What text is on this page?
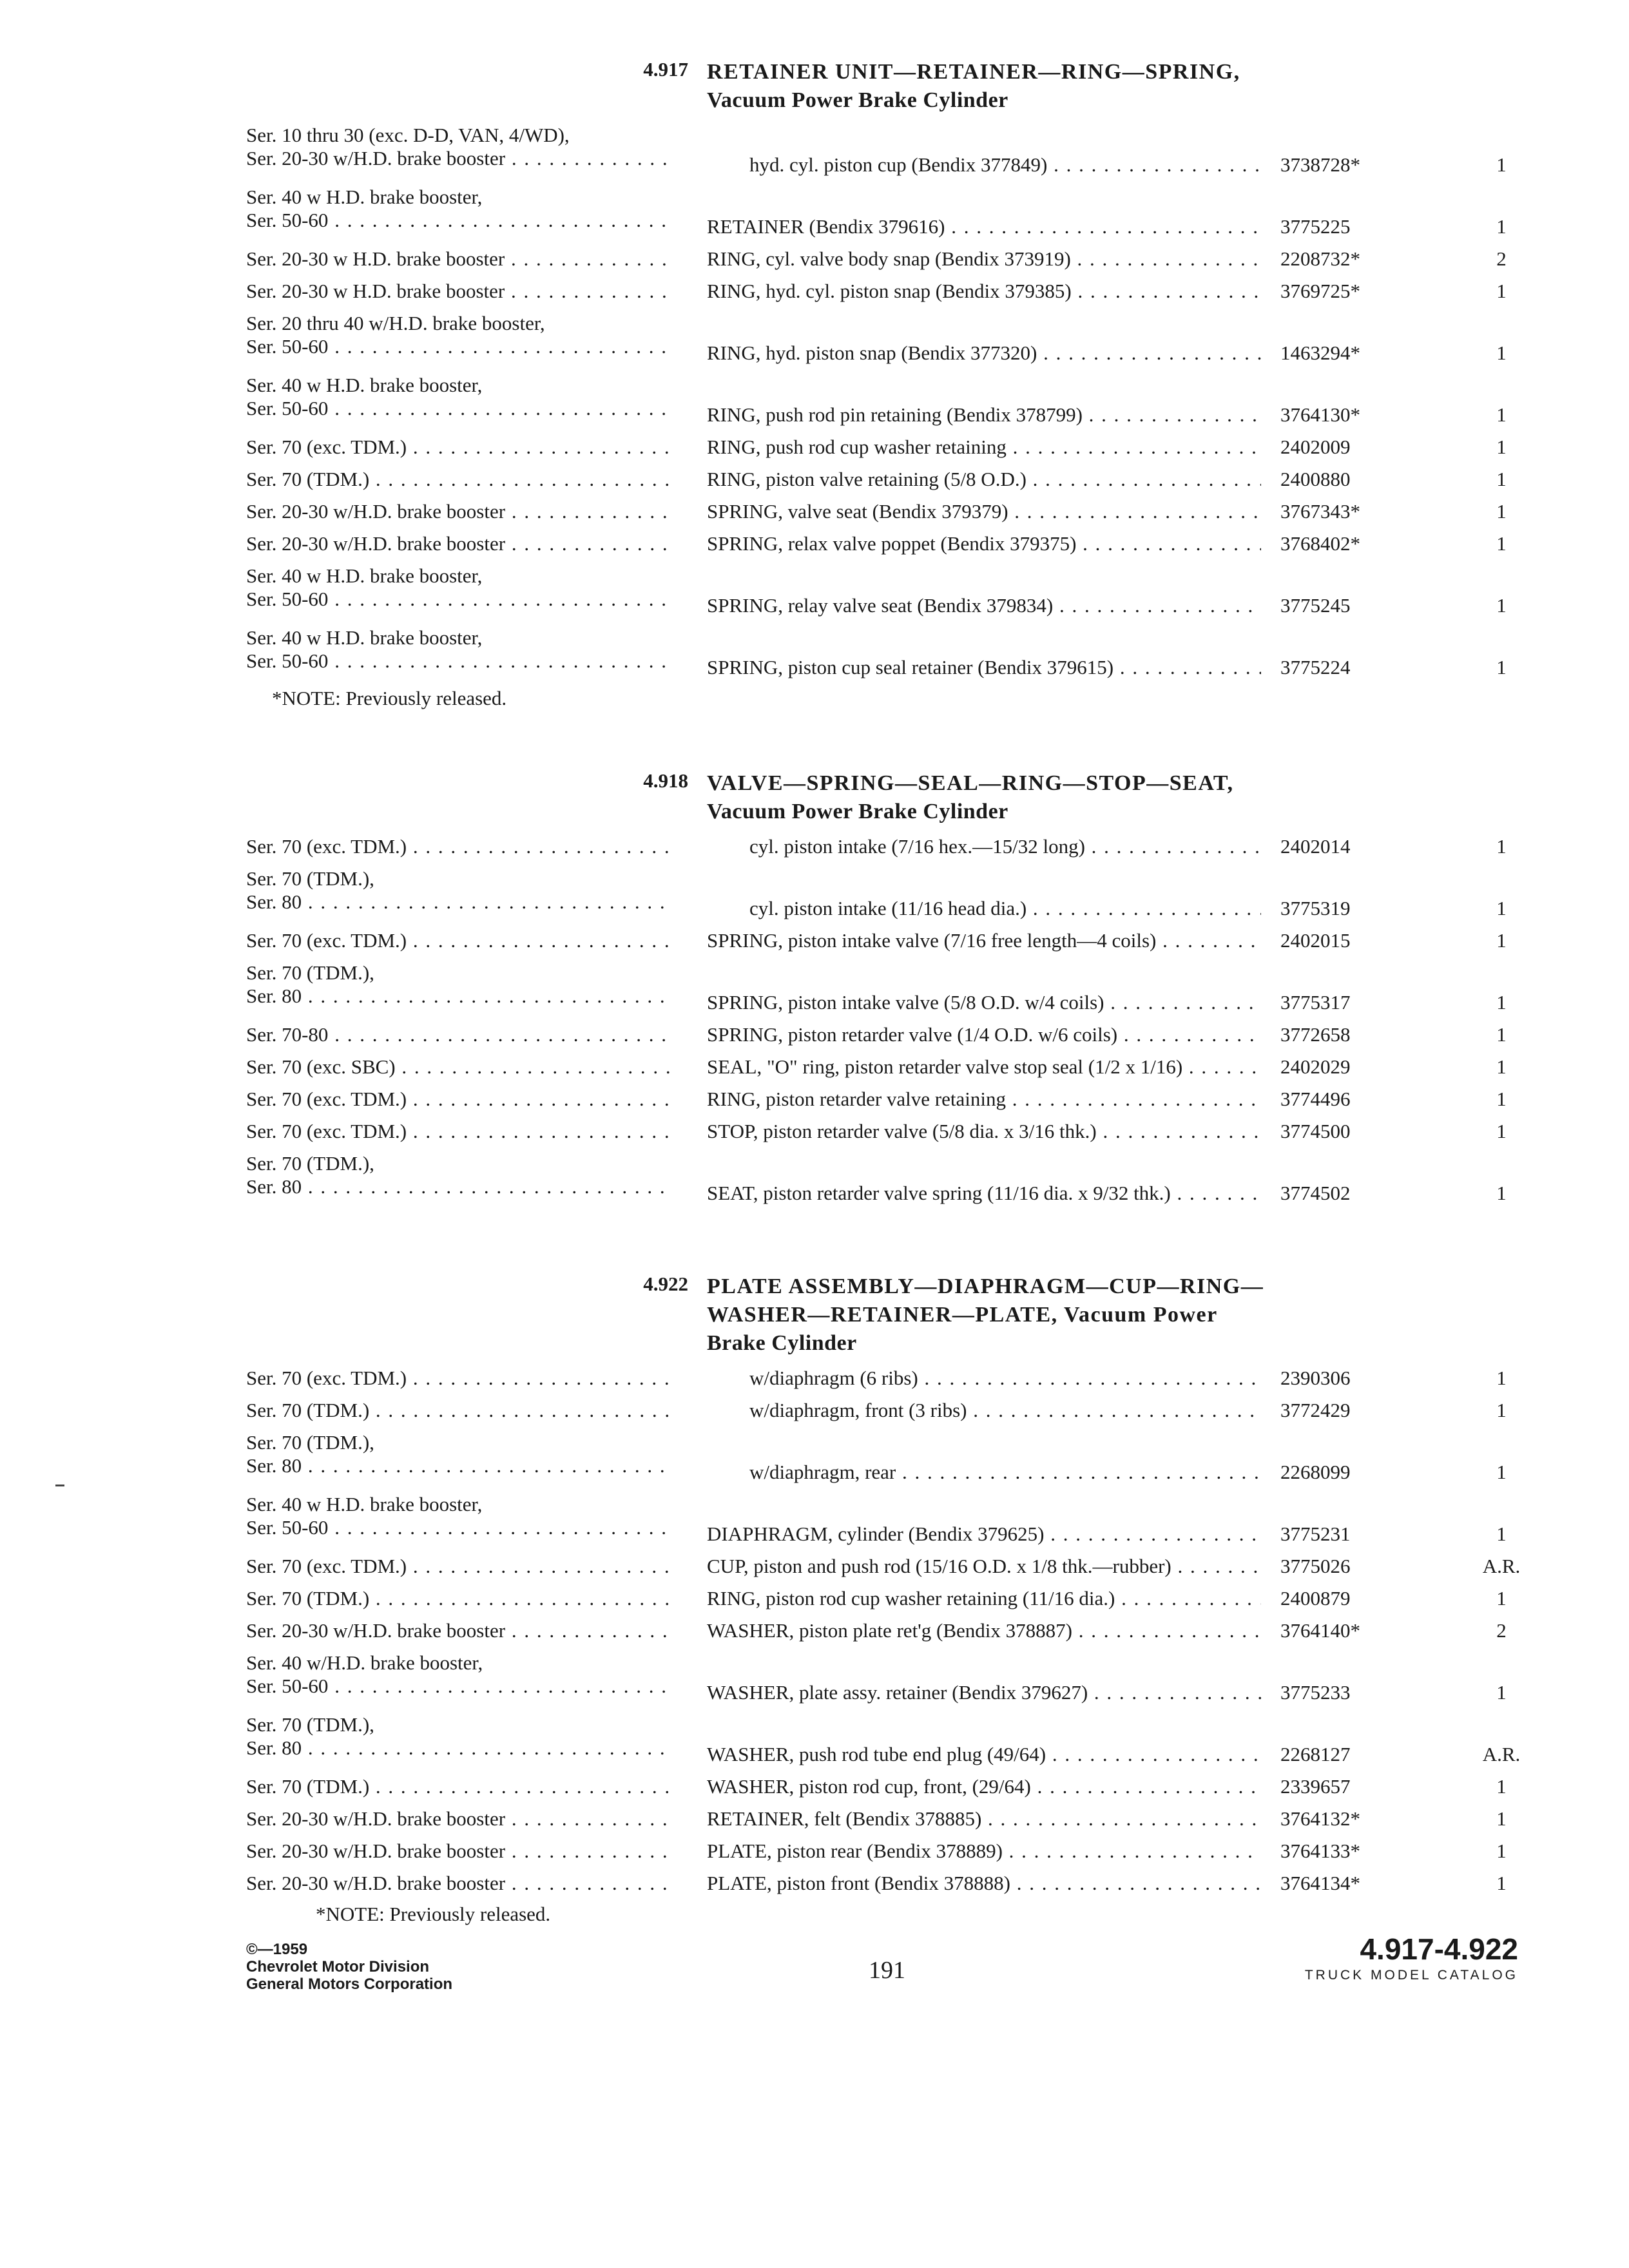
4.917 RETAINER UNIT—RETAINER—RING—SPRING,
Vacuum Power Brake Cylinder
Ser. 10 thru 30 (exc. D-D, VAN, 4/WD),
Ser. 20-30 w/H.D. brake booster . . .	hyd. cyl. piston cup (Bendix 377849) . . .	3738728*	1
Ser. 40 w H.D. brake booster,
Ser. 50-60 . . .	RETAINER (Bendix 379616) . . .	3775225	1
Ser. 20-30 w H.D. brake booster . . .	RING, cyl. valve body snap (Bendix 373919) . . .	2208732*	2
Ser. 20-30 w H.D. brake booster . . .	RING, hyd. cyl. piston snap (Bendix 379385) . . .	3769725*	1
Ser. 20 thru 40 w/H.D. brake booster,
Ser. 50-60 . . .	RING, hyd. piston snap (Bendix 377320) . . .	1463294*	1
Ser. 40 w H.D. brake booster,
Ser. 50-60 . . .	RING, push rod pin retaining (Bendix 378799) . . .	3764130*	1
Ser. 70 (exc. TDM.) . . .	RING, push rod cup washer retaining . . .	2402009	1
Ser. 70 (TDM.) . . .	RING, piston valve retaining (5/8 O.D.) . . .	2400880	1
Ser. 20-30 w/H.D. brake booster . . .	SPRING, valve seat (Bendix 379379) . . .	3767343*	1
Ser. 20-30 w/H.D. brake booster . . .	SPRING, relax valve poppet (Bendix 379375) . . .	3768402*	1
Ser. 40 w H.D. brake booster,
Ser. 50-60 . . .	SPRING, relay valve seat (Bendix 379834) . . .	3775245	1
Ser. 40 w H.D. brake booster,
Ser. 50-60 . . .	SPRING, piston cup seal retainer (Bendix 379615) . . .	3775224	1
*NOTE: Previously released.
4.918 VALVE—SPRING—SEAL—RING—STOP—SEAT,
Vacuum Power Brake Cylinder
Ser. 70 (exc. TDM.) . . .	cyl. piston intake (7/16 hex.—15/32 long) . . .	2402014	1
Ser. 70 (TDM.),
Ser. 80 . . .	cyl. piston intake (11/16 head dia.) . . .	3775319	1
Ser. 70 (exc. TDM.) . . .	SPRING, piston intake valve (7/16 free length—4 coils) . . .	2402015	1
Ser. 70 (TDM.),
Ser. 80 . . .	SPRING, piston intake valve (5/8 O.D. w/4 coils) . . .	3775317	1
Ser. 70-80 . . .	SPRING, piston retarder valve (1/4 O.D. w/6 coils) . . .	3772658	1
Ser. 70 (exc. SBC) . . .	SEAL, "O" ring, piston retarder valve stop seal (1/2 x 1/16) . . .	2402029	1
Ser. 70 (exc. TDM.) . . .	RING, piston retarder valve retaining . . .	3774496	1
Ser. 70 (exc. TDM.) . . .	STOP, piston retarder valve (5/8 dia. x 3/16 thk.) . . .	3774500	1
Ser. 70 (TDM.),
Ser. 80 . . .	SEAT, piston retarder valve spring (11/16 dia. x 9/32 thk.) . . .	3774502	1
4.922 PLATE ASSEMBLY—DIAPHRAGM—CUP—RING—
WASHER—RETAINER—PLATE, Vacuum Power
Brake Cylinder
Ser. 70 (exc. TDM.) . . .	w/diaphragm (6 ribs) . . .	2390306	1
Ser. 70 (TDM.) . . .	w/diaphragm, front (3 ribs) . . .	3772429	1
Ser. 70 (TDM.),
Ser. 80 . . .	w/diaphragm, rear . . .	2268099	1
Ser. 40 w H.D. brake booster,
Ser. 50-60 . . .	DIAPHRAGM, cylinder (Bendix 379625) . . .	3775231	1
Ser. 70 (exc. TDM.) . . .	CUP, piston and push rod (15/16 O.D. x 1/8 thk.—rubber) . . .	3775026	A.R.
Ser. 70 (TDM.) . . .	RING, piston rod cup washer retaining (11/16 dia.) . . .	2400879	1
Ser. 20-30 w/H.D. brake booster . . .	WASHER, piston plate ret'g (Bendix 378887) . . .	3764140*	2
Ser. 40 w/H.D. brake booster,
Ser. 50-60 . . .	WASHER, plate assy. retainer (Bendix 379627) . . .	3775233	1
Ser. 70 (TDM.),
Ser. 80 . . .	WASHER, push rod tube end plug (49/64) . . .	2268127	A.R.
Ser. 70 (TDM.) . . .	WASHER, piston rod cup, front, (29/64) . . .	2339657	1
Ser. 20-30 w/H.D. brake booster . . .	RETAINER, felt (Bendix 378885) . . .	3764132*	1
Ser. 20-30 w/H.D. brake booster . . .	PLATE, piston rear (Bendix 378889) . . .	3764133*	1
Ser. 20-30 w/H.D. brake booster . . .	PLATE, piston front (Bendix 378888) . . .	3764134*	1
*NOTE: Previously released.
©—1959
Chevrolet Motor Division
General Motors Corporation
191
4.917-4.922
TRUCK MODEL CATALOG
